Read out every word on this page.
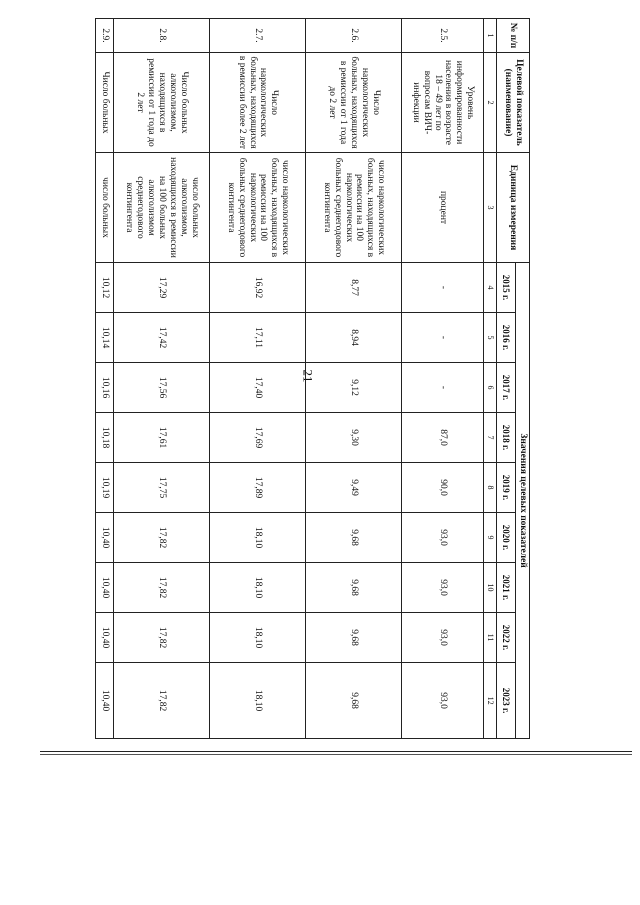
21
№ п/п	Целевой показатель (наименование)	Единица измерения	Значения целевых показателей								
			2015 г.	2016 г.	2017 г.	2018 г.	2019 г.	2020 г.	2021 г.	2022 г.	2023 г.
1	2	3	4	5	6	7	8	9	10	11	12
2.5.	Уровень информированности населения в возрасте 18 – 49 лет по вопросам ВИЧ-инфекции	процент	-	-	-	87,0	90,0	93,0	93,0	93,0	93,0
2.6.	Число наркологических больных, находящихся в ремиссии от 1 года до 2 лет	число наркологических больных, находящихся в ремиссии на 100 наркологических больных среднегодового контингента	8,77	8,94	9,12	9,30	9,49	9,68	9,68	9,68	9,68
2.7.	Число наркологических больных, находящихся в ремиссии более 2 лет	число наркологических больных, находящихся в ремиссии на 100 наркологических больных среднегодового контингента	16,92	17,11	17,40	17,69	17,89	18,10	18,10	18,10	18,10
2.8.	Число больных алкоголизмом, находящихся в ремиссии от 1 года до 2 лет	число больных алкоголизмом, находящихся в ремиссии на 100 больных алкоголизмом среднегодового контингента	17,29	17,42	17,56	17,61	17,75	17,82	17,82	17,82	17,82
2.9.	Число больных	число больных	10,12	10,14	10,16	10,18	10,19	10,40	10,40	10,40	10,40
